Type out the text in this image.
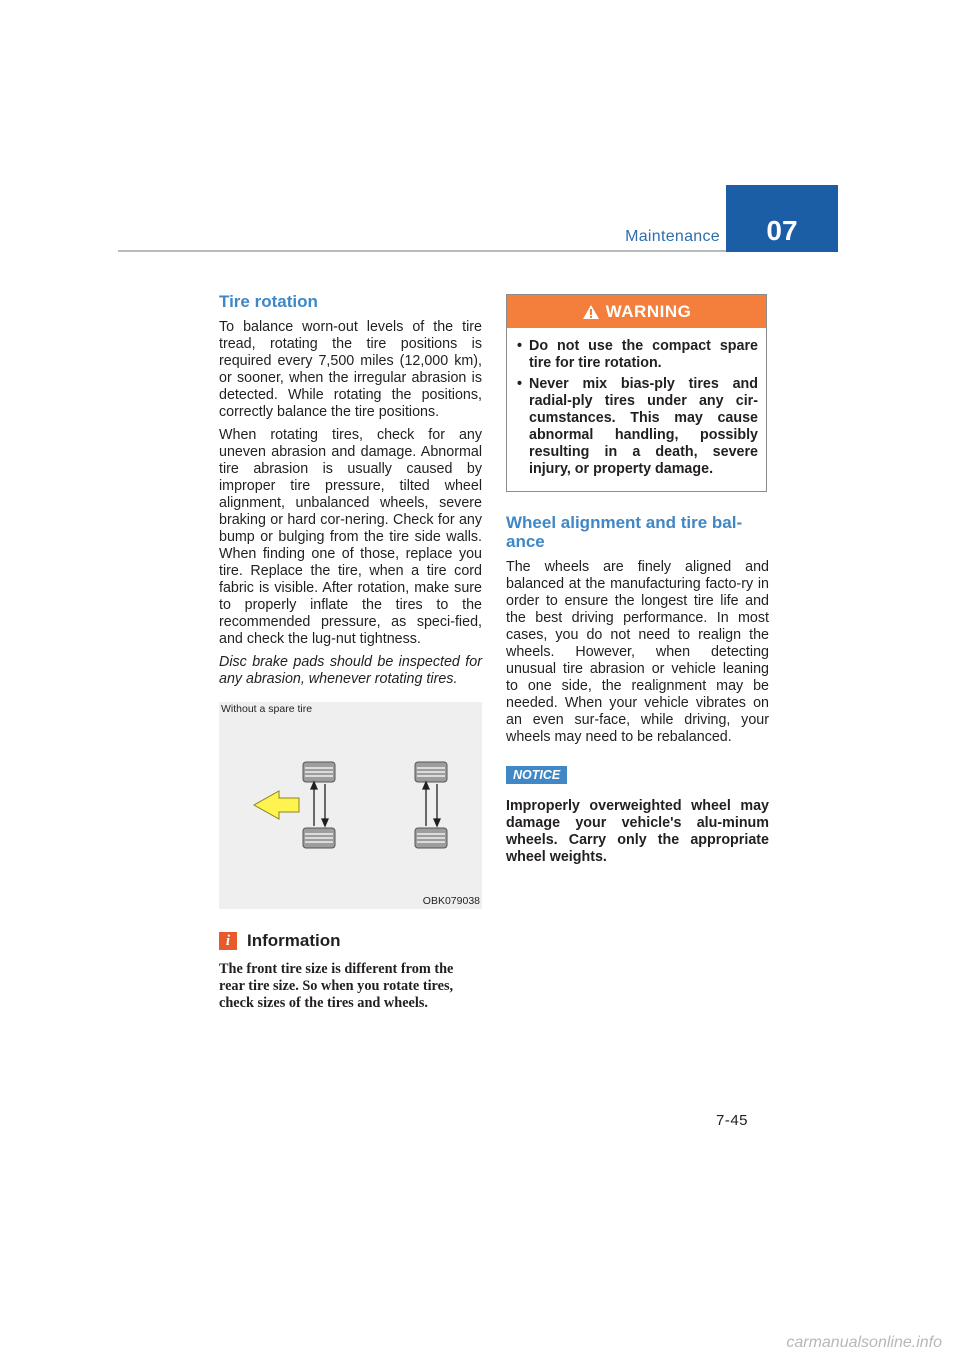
Maintenance	07
Tire rotation

To balance worn-out levels of the tire tread, rotating the tire positions is required every 7,500 miles (12,000 km), or sooner, when the irregular abrasion is detected. While rotating the positions, correctly balance the tire positions.

When rotating tires, check for any uneven abrasion and damage. Abnormal tire abrasion is usually caused by improper tire pressure, tilted wheel alignment, unbalanced wheels, severe braking or hard cor-nering. Check for any bump or bulging from the tire side walls. When finding one of those, replace you tire. Replace the tire, when a tire cord fabric is visible. After rotation, make sure to properly inflate the tires to the recommended pressure, as speci-fied, and check the lug-nut tightness.

Disc brake pads should be inspected for any abrasion, whenever rotating tires.

Without a spare tire
OBK079038
i Information

The front tire size is different from the rear tire size. So when you rotate tires, check sizes of the tires and wheels.

WARNING
• Do not use the compact spare tire for tire rotation.
• Never mix bias-ply tires and radial-ply tires under any cir-cumstances. This may cause abnormal handling, possibly resulting in a death, severe injury, or property damage.
Wheel alignment and tire bal-ance

The wheels are finely aligned and balanced at the manufacturing facto-ry in order to ensure the longest tire life and the best driving performance. In most cases, you do not need to realign the wheels. However, when detecting unusual tire abrasion or vehicle leaning to one side, the realignment may be needed. When your vehicle vibrates on an even sur-face, while driving, your wheels may need to be rebalanced.

NOTICE

Improperly overweighted wheel may damage your vehicle's alu-minum wheels. Carry only the appropriate wheel weights.

7-45
carmanualsonline.info
